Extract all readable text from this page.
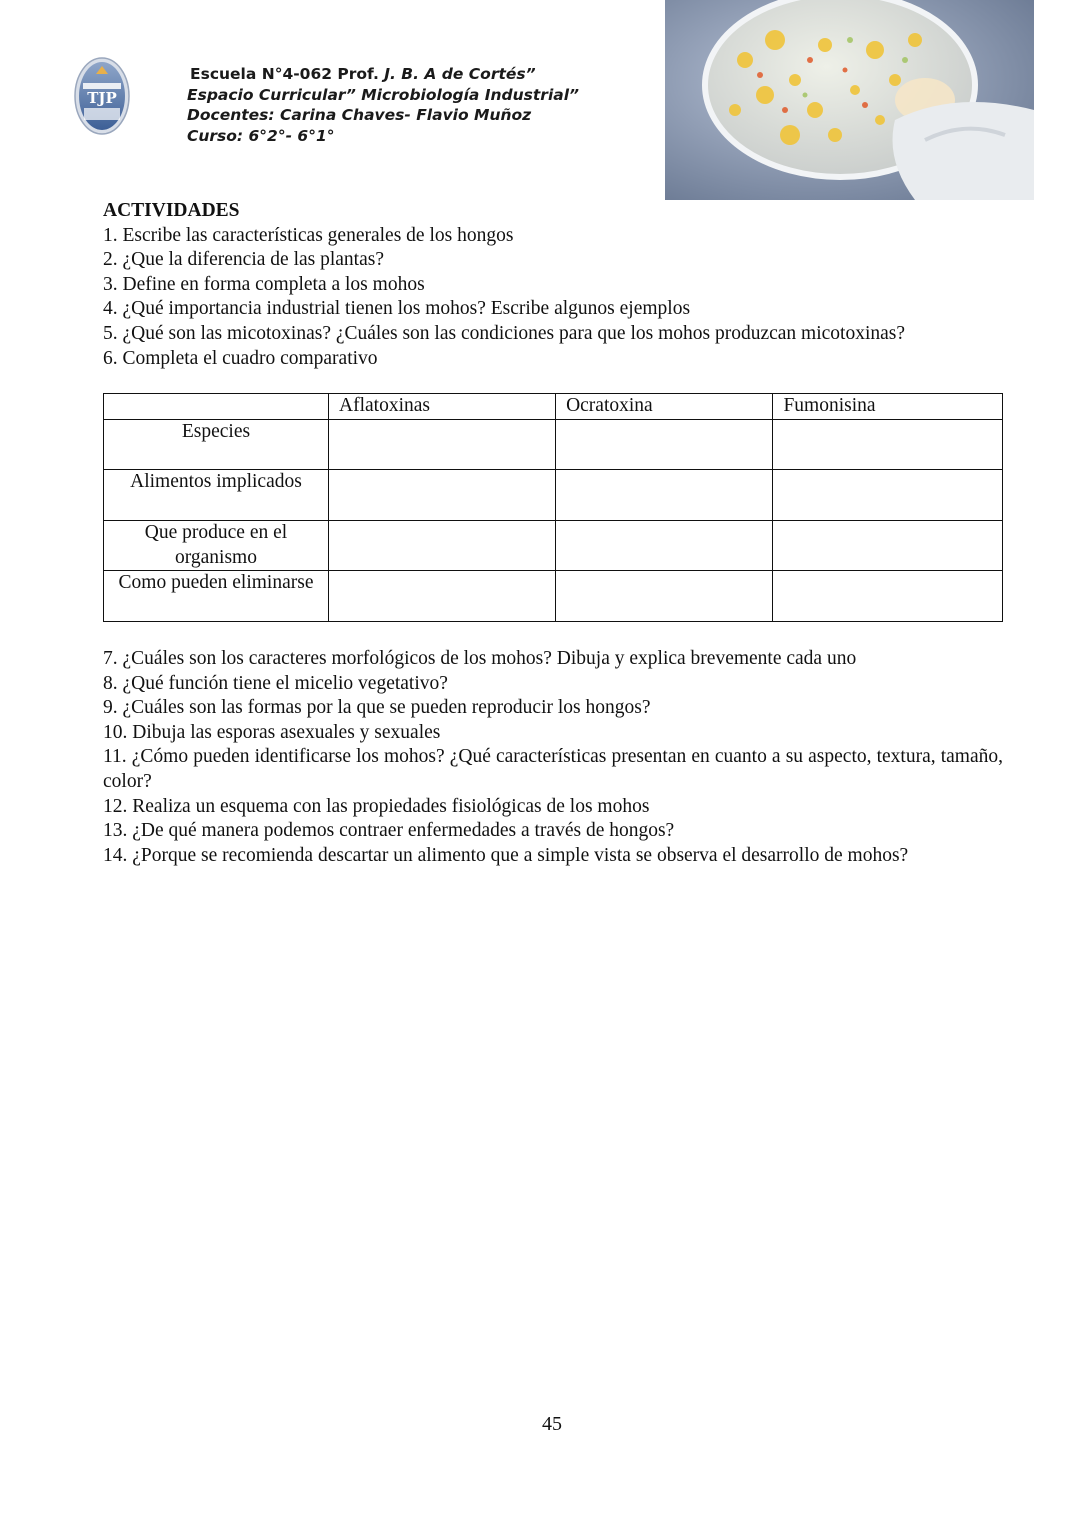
TJP
Escuela N°4-062 Prof. J. B. A de Cortés”
Espacio Curricular” Microbiología Industrial”
Docentes: Carina Chaves- Flavio Muñoz
Curso: 6°2°- 6°1°
ACTIVIDADES
1. Escribe las características generales de los hongos
2. ¿Que la diferencia de las plantas?
3. Define en forma completa a los mohos
4. ¿Qué importancia industrial tienen los mohos? Escribe algunos ejemplos
5. ¿Qué son las micotoxinas? ¿Cuáles son las condiciones para que los mohos produzcan micotoxinas?
6. Completa el cuadro comparativo
	Aflatoxinas	Ocratoxina	Fumonisina
Especies			
Alimentos implicados			
Que produce en el organismo			
Como pueden eliminarse			
7. ¿Cuáles son los caracteres morfológicos de los mohos? Dibuja y explica brevemente cada uno
8. ¿Qué función tiene el micelio vegetativo?
9. ¿Cuáles son las formas por la que se pueden reproducir los hongos?
10. Dibuja las esporas asexuales y sexuales
11. ¿Cómo pueden identificarse los mohos? ¿Qué características presentan en cuanto a su aspecto, textura, tamaño, color?
12. Realiza un esquema con las propiedades fisiológicas de los mohos
13. ¿De qué manera podemos contraer enfermedades a través de hongos?
14. ¿Porque se recomienda descartar un alimento que a simple vista se observa el desarrollo de mohos?
45
